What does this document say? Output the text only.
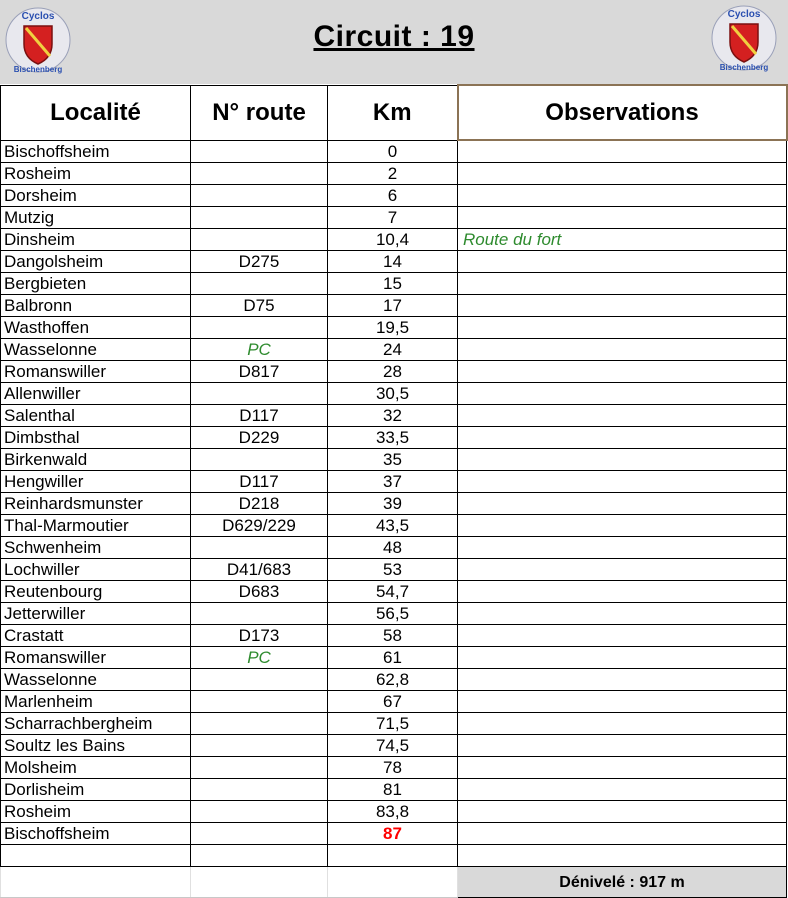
Cyclos
Bischenberg
Circuit : 19
Cyclos
Bischenberg
Localité	N° route	Km	Observations
Bischoffsheim		0	
Rosheim		2	
Dorsheim		6	
Mutzig		7	
Dinsheim		10,4	Route du fort
Dangolsheim	D275	14	
Bergbieten		15	
Balbronn	D75	17	
Wasthoffen		19,5	
Wasselonne	PC	24	
Romanswiller	D817	28	
Allenwiller		30,5	
Salenthal	D117	32	
Dimbsthal	D229	33,5	
Birkenwald		35	
Hengwiller	D117	37	
Reinhardsmunster	D218	39	
Thal-Marmoutier	D629/229	43,5	
Schwenheim		48	
Lochwiller	D41/683	53	
Reutenbourg	D683	54,7	
Jetterwiller		56,5	
Crastatt	D173	58	
Romanswiller	PC	61	
Wasselonne		62,8	
Marlenheim		67	
Scharrachbergheim		71,5	
Soultz les Bains		74,5	
Molsheim		78	
Dorlisheim		81	
Rosheim		83,8	
Bischoffsheim		87	

			Dénivelé : 917 m
